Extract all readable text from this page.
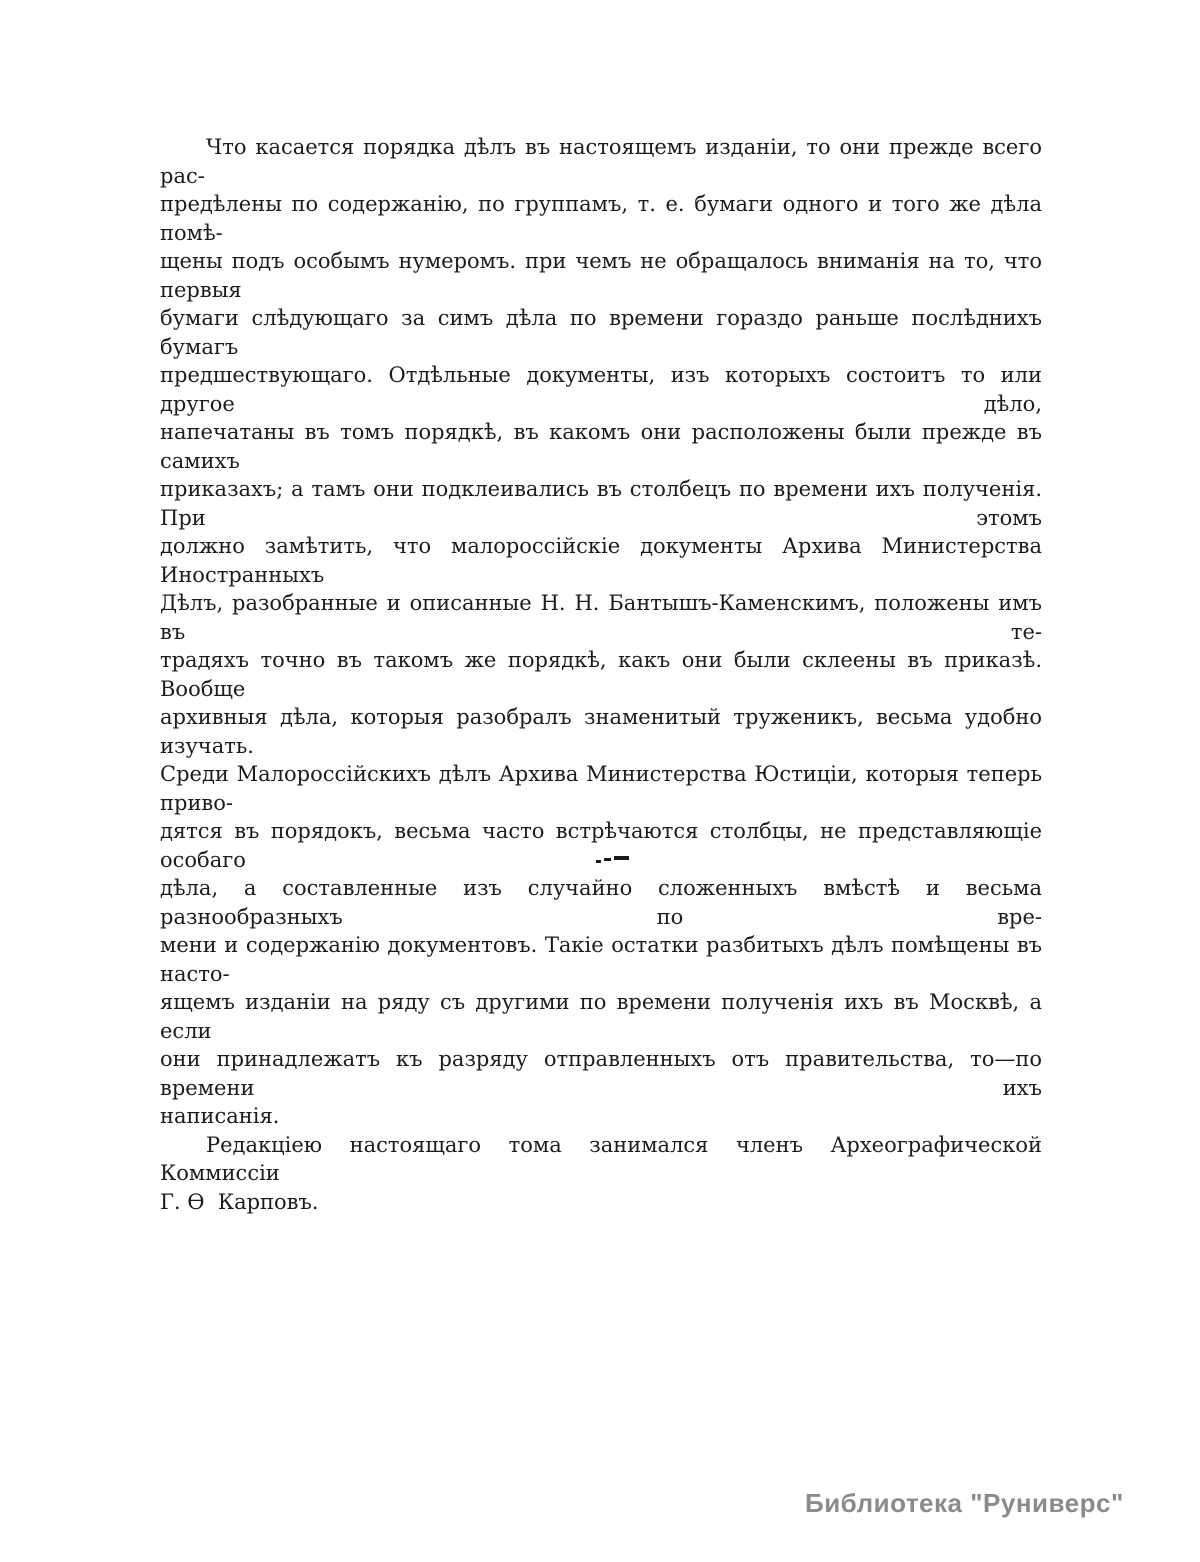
Что касается порядка дѣлъ въ настоящемъ изданіи, то они прежде всего рас-
предѣлены по содержанію, по группамъ, т. е. бумаги одного и того же дѣла помѣ-
щены подъ особымъ нумеромъ. при чемъ не обращалось вниманія на то, что первыя
бумаги слѣдующаго за симъ дѣла по времени гораздо раньше послѣднихъ бумагъ
предшествующаго. Отдѣльные документы, изъ которыхъ состоитъ то или другое дѣло,
напечатаны въ томъ порядкѣ, въ какомъ они расположены были прежде въ самихъ
приказахъ; а тамъ они подклеивались въ столбецъ по времени ихъ полученія. При этомъ
должно замѣтить, что малороссійскіе документы Архива Министерства Иностранныхъ
Дѣлъ, разобранные и описанные Н. Н. Бантышъ-Каменскимъ, положены имъ въ те-
традяхъ точно въ такомъ же порядкѣ, какъ они были склеены въ приказѣ. Вообще
архивныя дѣла, которыя разобралъ знаменитый труженикъ, весьма удобно изучать.
Среди Малороссійскихъ дѣлъ Архива Министерства Юстиціи, которыя теперь приво-
дятся въ порядокъ, весьма часто встрѣчаются столбцы, не представляющіе особаго
дѣла, а составленные изъ случайно сложенныхъ вмѣстѣ и весьма разнообразныхъ по вре-
мени и содержанію документовъ. Такіе остатки разбитыхъ дѣлъ помѣщены въ насто-
ящемъ изданіи на ряду съ другими по времени полученія ихъ въ Москвѣ, а если
они принадлежатъ къ разряду отправленныхъ отъ правительства, то—по времени ихъ
написанія.
Редакціею настоящаго тома занимался членъ Археографической Коммиссіи
Г. Ѳ  Карповъ.
Библиотека "Руниверс"
